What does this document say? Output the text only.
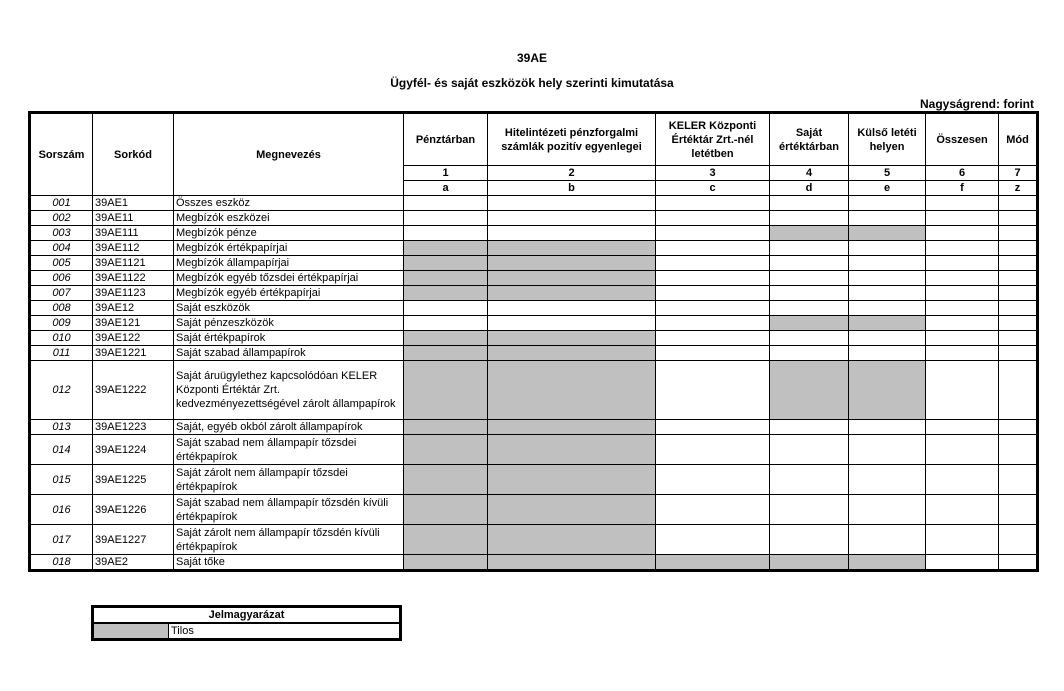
39AE
Ügyfél- és saját eszközök hely szerinti kimutatása
Nagyságrend: forint
Sorszám	Sorkód	Megnevezés	Pénztárban	Hitelintézeti pénzforgalmi számlák pozitív egyenlegei	KELER Központi Értéktár Zrt.-nél letétben	Saját értéktárban	Külső letéti helyen	Összesen	Mód
			1	2	3	4	5	6	7
			a	b	c	d	e	f	z
001	39AE1	Összes eszköz							
002	39AE11	Megbízók eszközei							
003	39AE111	Megbízók pénze							
004	39AE112	Megbízók értékpapírjai							
005	39AE1121	Megbízók állampapírjai							
006	39AE1122	Megbízók egyéb tőzsdei értékpapírjai							
007	39AE1123	Megbízók egyéb értékpapírjai							
008	39AE12	Saját eszközök							
009	39AE121	Saját pénzeszközök							
010	39AE122	Saját értékpapírok							
011	39AE1221	Saját szabad állampapírok							
012	39AE1222	Saját áruügylethez kapcsolódóan KELER Központi Értéktár Zrt. kedvezményezettségével zárolt állampapírok							
013	39AE1223	Saját, egyéb okból zárolt állampapírok							
014	39AE1224	Saját szabad nem állampapír tőzsdei értékpapírok							
015	39AE1225	Saját zárolt nem állampapír tőzsdei értékpapírok							
016	39AE1226	Saját szabad nem állampapír tőzsdén kívüli értékpapírok							
017	39AE1227	Saját zárolt nem állampapír tőzsdén kívüli értékpapírok							
018	39AE2	Saját tőke							
Jelmagyarázat
	Tilos
